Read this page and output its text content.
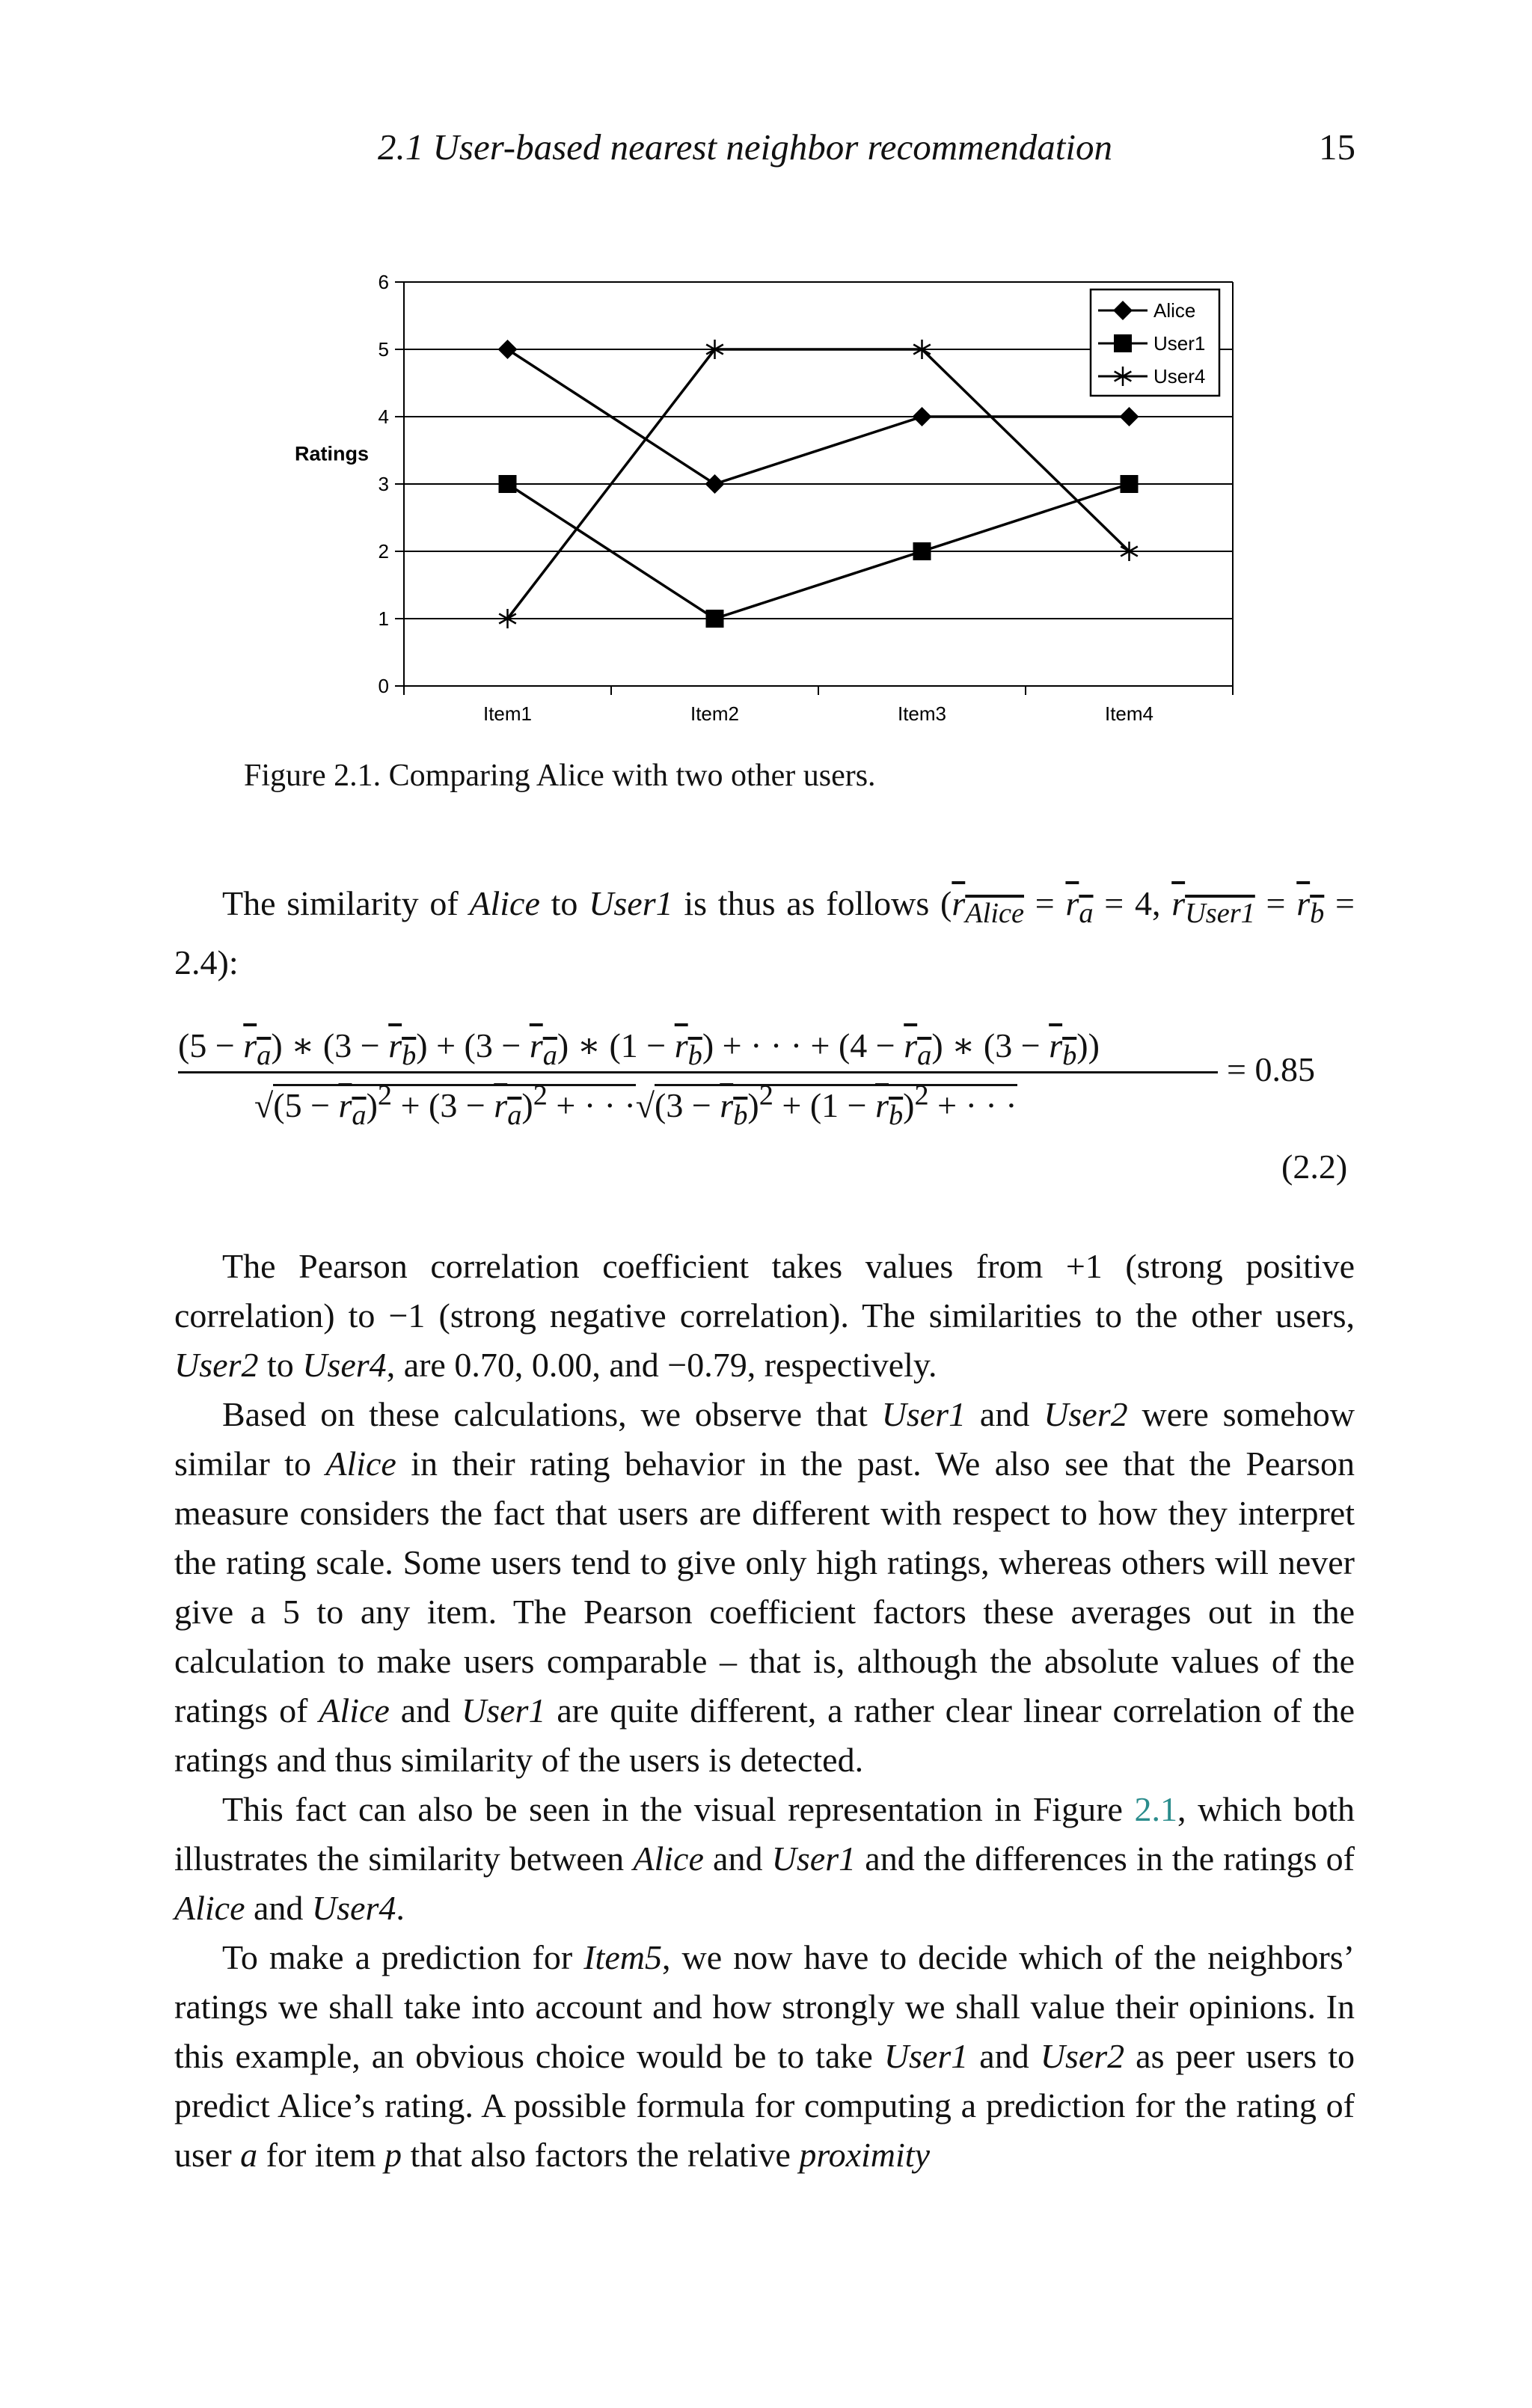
2.1 User-based nearest neighbor recommendation	15
0
1
2
3
4
5
6
Item1	Item2	Item3	Item4
Ratings
Alice
User1
User4
Figure 2.1. Comparing Alice with two other users.

The similarity of Alice to User1 is thus as follows ($r_{Alice} = r_a = 4$, $r_{User1} = r_b = 2.4$):

$(5 - r_a)$ ∗ $(3 - r_b) + (3 - r_a)$ ∗ $(1 - r_b)$ + · · · + $(4 - r_a)$ ∗ $(3 - r_b)$)
$√(5 - r_a)^2 + (3 - r_a)^2$ + · · $\cdot√(3 - r_b)^2 + (1 - r_b)^2$ + · · ·
= 0.85
(2.2)

The Pearson correlation coefficient takes values from +1 (strong positive correlation) to −1 (strong negative correlation). The similarities to the other users, User2 to User4, are 0.70, 0.00, and −0.79, respectively.

Based on these calculations, we observe that User1 and User2 were somehow similar to Alice in their rating behavior in the past. We also see that the Pearson measure considers the fact that users are different with respect to how they interpret the rating scale. Some users tend to give only high ratings, whereas others will never give a 5 to any item. The Pearson coefficient factors these averages out in the calculation to make users comparable – that is, although the absolute values of the ratings of Alice and User1 are quite different, a rather clear linear correlation of the ratings and thus similarity of the users is detected.

This fact can also be seen in the visual representation in Figure 2.1, which both illustrates the similarity between Alice and User1 and the differences in the ratings of Alice and User4.

To make a prediction for Item5, we now have to decide which of the neighbors’ ratings we shall take into account and how strongly we shall value their opinions. In this example, an obvious choice would be to take User1 and User2 as peer users to predict Alice’s rating. A possible formula for computing a prediction for the rating of user a for item p that also factors the relative proximity
